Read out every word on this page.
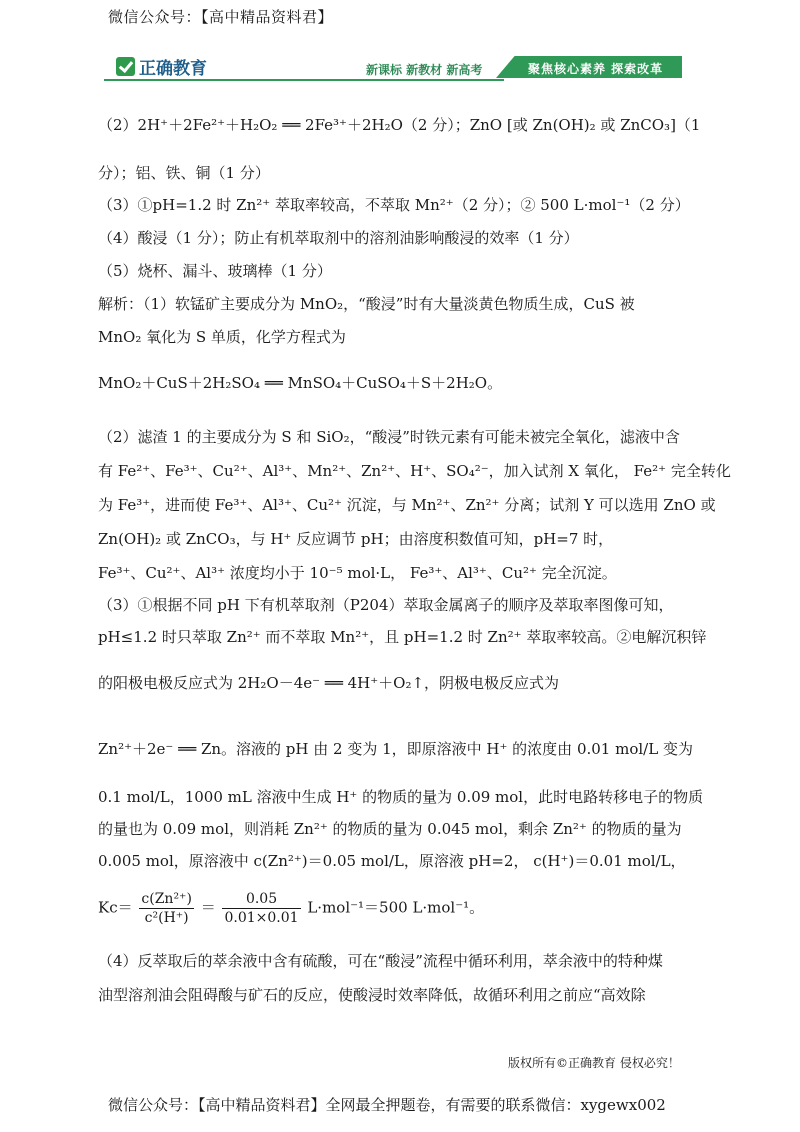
微信公众号：【高中精品资料君】
正确教育	新课标 新教材 新高考	聚焦核心素养 探索改革
（2）2H⁺＋2Fe²⁺＋H₂O₂ ══ 2Fe³⁺＋2H₂O（2 分）；ZnO [或 Zn(OH)₂ 或 ZnCO₃]（1
分）；铝、铁、铜（1 分）
（3）①pH=1.2 时 Zn²⁺ 萃取率较高，不萃取 Mn²⁺（2 分）；② 500 L·mol⁻¹（2 分）
（4）酸浸（1 分）；防止有机萃取剂中的溶剂油影响酸浸的效率（1 分）
（5）烧杯、漏斗、玻璃棒（1 分）
解析：（1）软锰矿主要成分为 MnO₂，“酸浸”时有大量淡黄色物质生成，CuS 被
MnO₂ 氧化为 S 单质，化学方程式为
MnO₂＋CuS＋2H₂SO₄ ══ MnSO₄＋CuSO₄＋S＋2H₂O。
（2）滤渣 1 的主要成分为 S 和 SiO₂，“酸浸”时铁元素有可能未被完全氧化，滤液中含
有 Fe²⁺、Fe³⁺、Cu²⁺、Al³⁺、Mn²⁺、Zn²⁺、H⁺、SO₄²⁻，加入试剂 X 氧化， Fe²⁺ 完全转化
为 Fe³⁺，进而使 Fe³⁺、Al³⁺、Cu²⁺ 沉淀，与 Mn²⁺、Zn²⁺ 分离；试剂 Y 可以选用 ZnO 或
Zn(OH)₂ 或 ZnCO₃，与 H⁺ 反应调节 pH；由溶度积数值可知，pH=7 时，
Fe³⁺、Cu²⁺、Al³⁺ 浓度均小于 10⁻⁵ mol·L， Fe³⁺、Al³⁺、Cu²⁺ 完全沉淀。
（3）①根据不同 pH 下有机萃取剂（P204）萃取金属离子的顺序及萃取率图像可知，
pH≤1.2 时只萃取 Zn²⁺ 而不萃取 Mn²⁺，且 pH=1.2 时 Zn²⁺ 萃取率较高。②电解沉积锌
的阳极电极反应式为 2H₂O－4e⁻ ══ 4H⁺＋O₂↑，阴极电极反应式为
Zn²⁺＋2e⁻ ══ Zn。溶液的 pH 由 2 变为 1，即原溶液中 H⁺ 的浓度由 0.01 mol/L 变为
0.1 mol/L，1000 mL 溶液中生成 H⁺ 的物质的量为 0.09 mol，此时电路转移电子的物质
的量也为 0.09 mol，则消耗 Zn²⁺ 的物质的量为 0.045 mol，剩余 Zn²⁺ 的物质的量为
0.005 mol，原溶液中 c(Zn²⁺)＝0.05 mol/L，原溶液 pH=2， c(H⁺)＝0.01 mol/L，
$Kc= \frac{\text{c(Zn²⁺)}}{\text{c²(H⁺)}} = \frac{0.05}{0.01\times 0.01} L\cdot mol^{-1}=500$ L·mol⁻¹。
（4）反萃取后的萃余液中含有硫酸，可在“酸浸”流程中循环利用，萃余液中的特种煤
油型溶剂油会阻碍酸与矿石的反应，使酸浸时效率降低，故循环利用之前应“高效除
版权所有©正确教育 侵权必究！
微信公众号：【高中精品资料君】全网最全押题卷，有需要的联系微信：xygewx002
